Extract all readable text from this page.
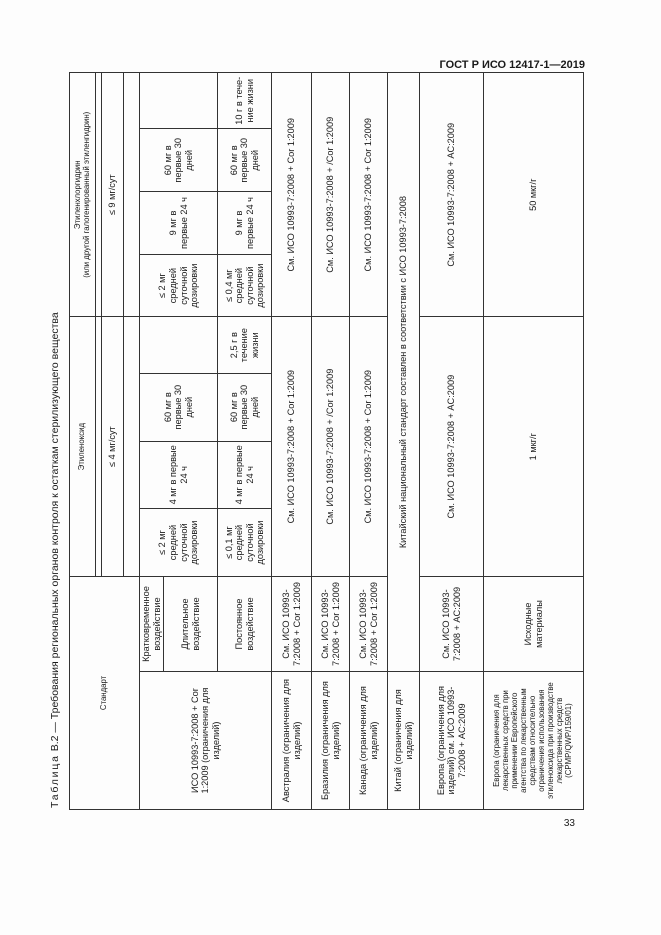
ГОСТ Р ИСО 12417-1—2019
Таблица В.2 — Требования региональных органов контроля к остаткам стерилизующего вещества	Стандарт		Этиленоксид				Этиленхлоргидрин
(или другой галогенированный этиленгидрин)			

		≤ 4 мг/сут				≤ 9 мг/сут			

ИСО 10993-7:2008 + Cor 1:2009 (ограничения для изделий)	Кратковременное воздействие	≤ 2 мг средней суточной дозировки	4 мг в первые 24 ч	60 мг в первые 30 дней		≤ 2 мг средней суточной дозировки	9 мг в первые 24 ч	60 мг в первые 30 дней	
	Длительное воздействие								
	Постоянное воздействие	≤ 0,1 мг средней суточной дозировки	4 мг в первые 24 ч	60 мг в первые 30 дней	2,5 г в течение жизни	≤ 0,4 мг средней суточной дозировки	9 мг в первые 24 ч	60 мг в первые 30 дней	10 г в тече-ние жизни
Австралия (ограничения для изделий)	См. ИСО 10993-7:2008 + Cor 1:2009	См. ИСО 10993-7:2008 + Cor 1:2009				См. ИСО 10993-7:2008 + Cor 1:2009			
Бразилия (ограничения для изделий)	См. ИСО 10993-7:2008 + Cor 1:2009	См. ИСО 10993-7:2008 + /Cor 1:2009				См. ИСО 10993-7:2008 + /Cor 1:2009			
Канада (ограничения для изделий)	См. ИСО 10993-7:2008 + Cor 1:2009	См. ИСО 10993-7:2008 + Cor 1:2009				См. ИСО 10993-7:2008 + Cor 1:2009			
Китай (ограничения для изделий)	Китайский национальный стандарт составлен в соответствии с ИСО 10993-7:2008								
Европа (ограничения для изделий) см. ИСО 10993-7:2008 + AC:2009	См. ИСО 10993-7:2008 + AC:2009	См. ИСО 10993-7:2008 + AC:2009				См. ИСО 10993-7:2008 + AC:2009			
Европа (ограничения для лекарственных средств при применении Европейского агентства по лекарственным средствам относительно ограничения использования этиленоксида при производстве лекарственных средств (CPMP/QWP/159/01)	Исходные материалы	1 мкг/г				50 мкг/г			
33
